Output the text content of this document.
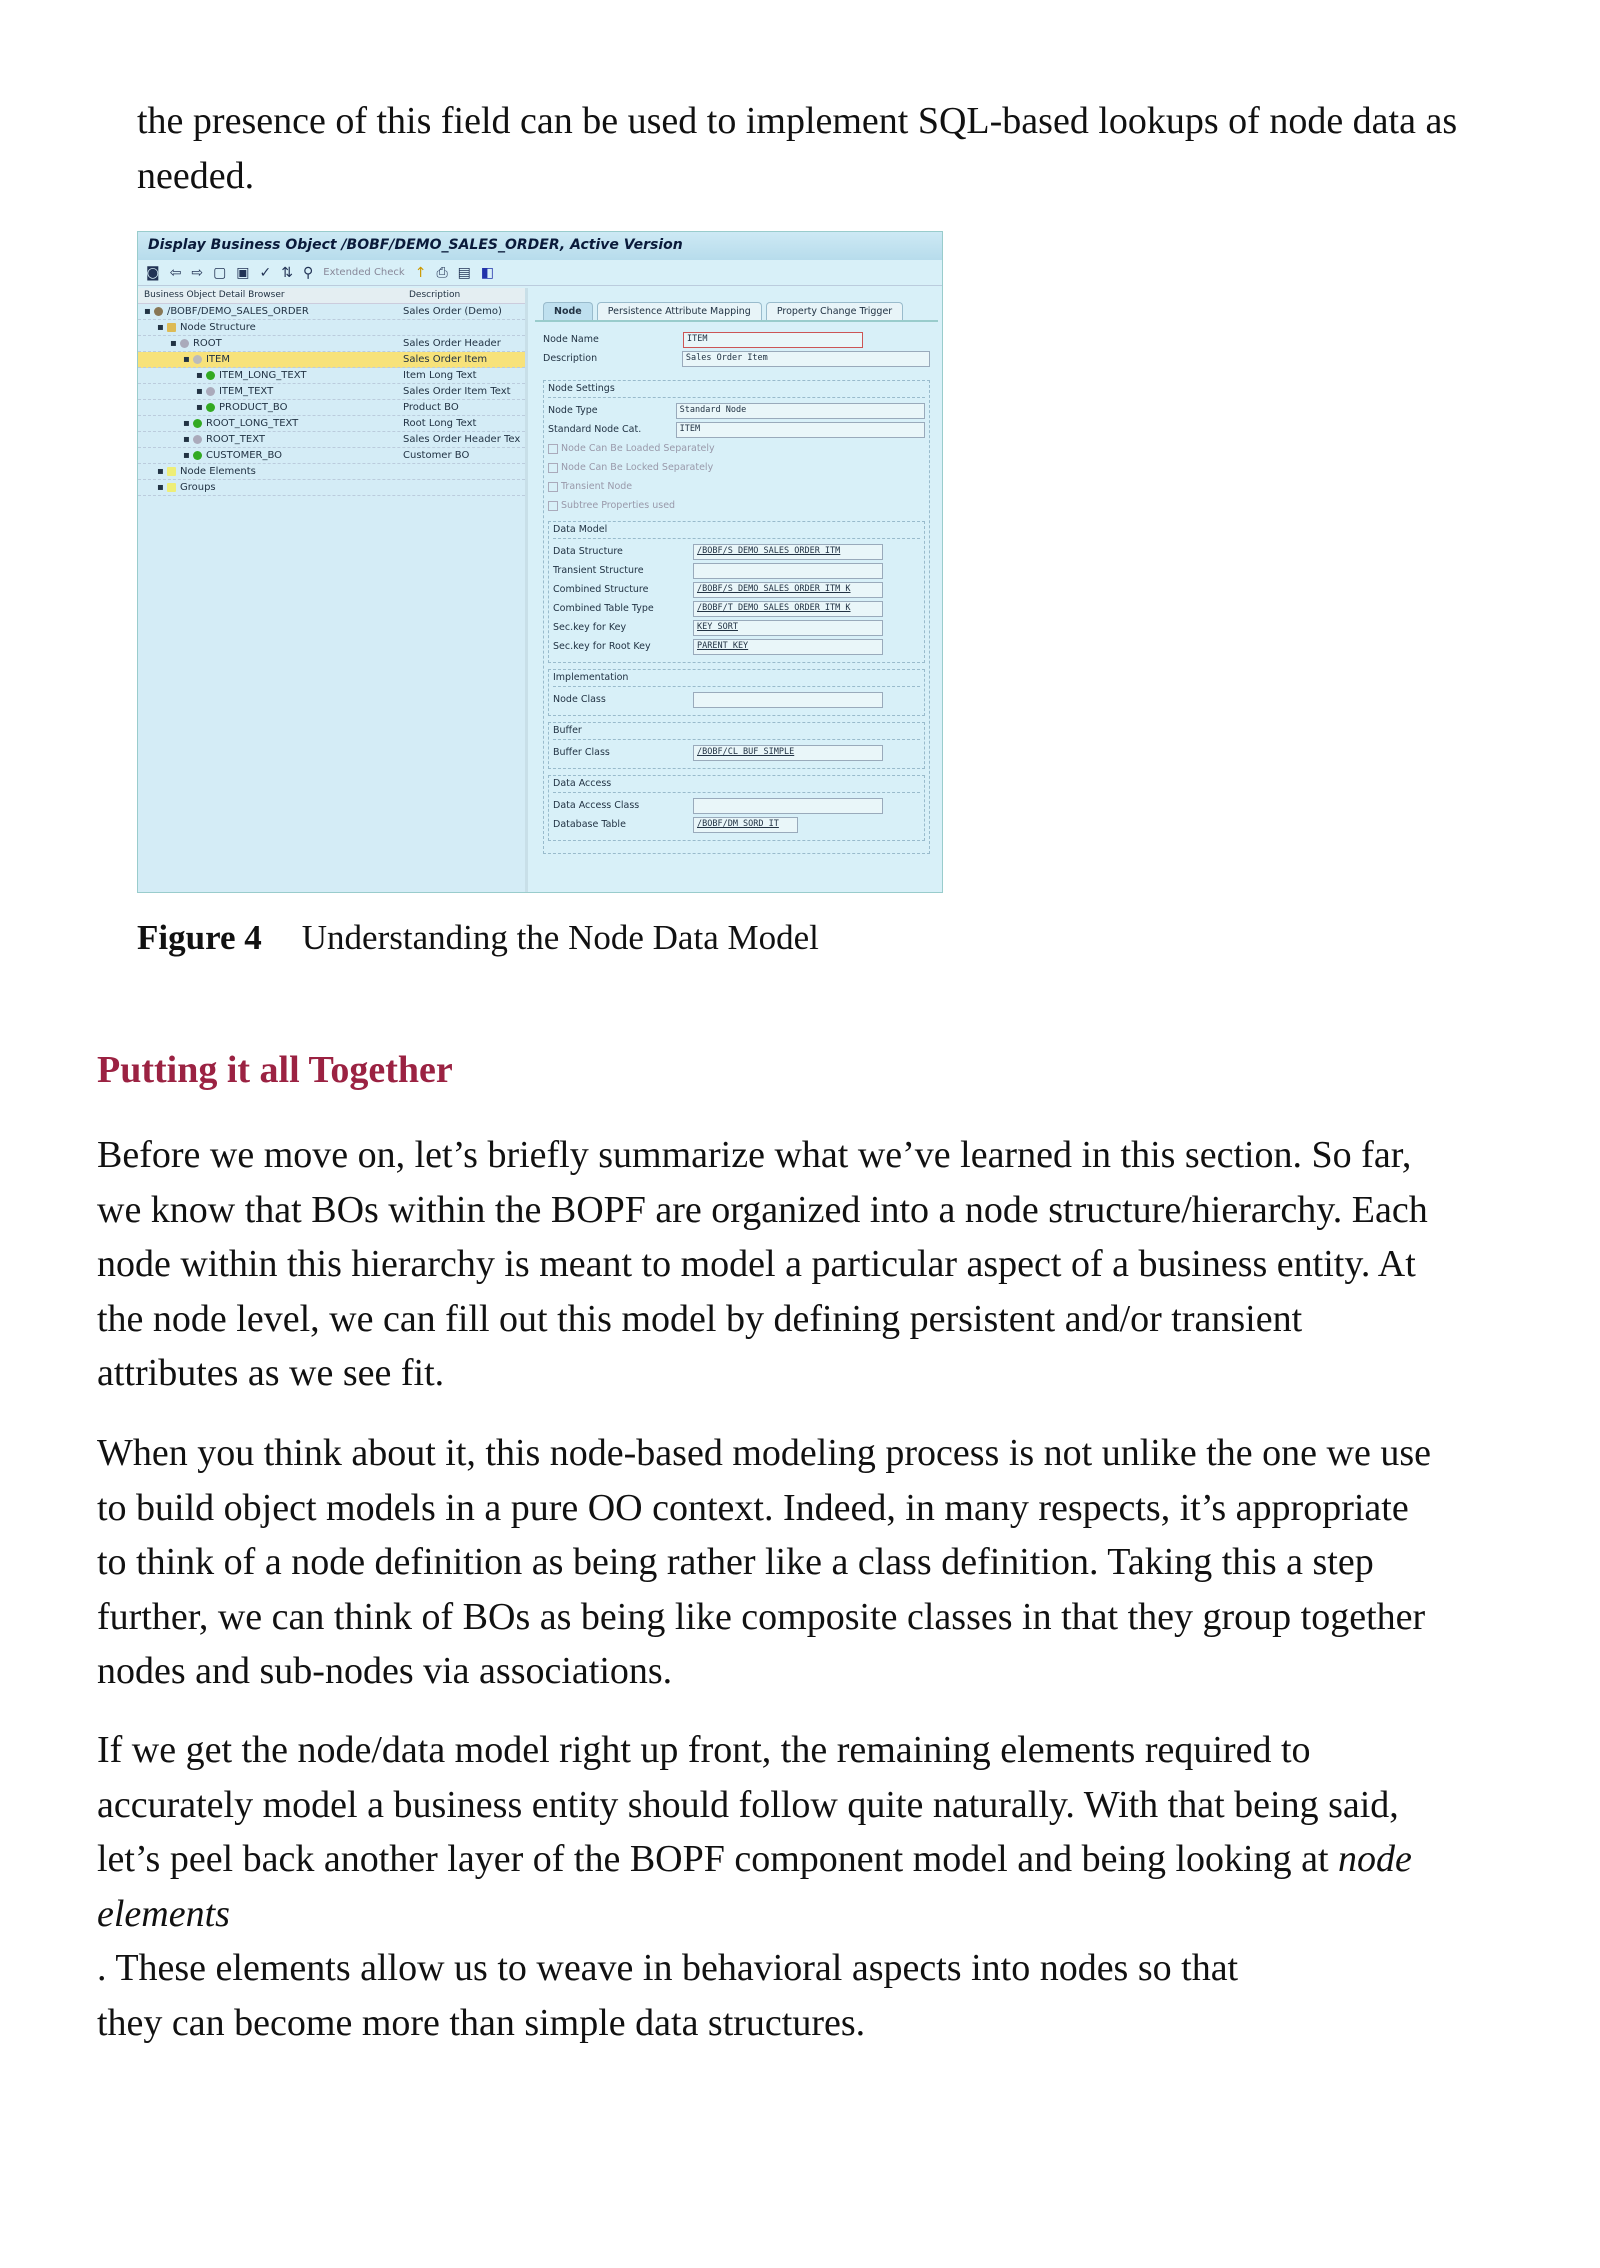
the presence of this field can be used to implement SQL-based lookups of node data as needed.
Display Business Object /BOBF/DEMO_SALES_ORDER, Active Version
◙ ⇦ ⇨ ▢ ▣ ✓ ⇅ ⚲ Extended Check ↑ ⎙ ▤ ◧
Business Object Detail Browser	Description
▪ /BOBF/DEMO_SALES_ORDER	Sales Order (Demo)
▪ Node Structure
▪ ROOT	Sales Order Header
▪ ITEM	Sales Order Item
▪ ITEM_LONG_TEXT	Item Long Text
▪ ITEM_TEXT	Sales Order Item Text
▪ PRODUCT_BO	Product BO
▪ ROOT_LONG_TEXT	Root Long Text
▪ ROOT_TEXT	Sales Order Header Tex
▪ CUSTOMER_BO	Customer BO
▪ Node Elements
▪ Groups
Node	Persistence Attribute Mapping	Property Change Trigger
Node Name	ITEM
Description	Sales Order Item
Node Settings
Node Type	Standard Node
Standard Node Cat.	ITEM
Node Can Be Loaded Separately
Node Can Be Locked Separately
Transient Node
Subtree Properties used
Data Model
Data Structure	/BOBF/S_DEMO_SALES_ORDER_ITM
Transient Structure
Combined Structure	/BOBF/S_DEMO_SALES_ORDER_ITM_K
Combined Table Type	/BOBF/T_DEMO_SALES_ORDER_ITM_K
Sec.key for Key	KEY_SORT
Sec.key for Root Key	PARENT_KEY
Implementation
Node Class
Buffer
Buffer Class	/BOBF/CL_BUF_SIMPLE
Data Access
Data Access Class
Database Table	/BOBF/DM_SORD_IT
Figure 4 Understanding the Node Data Model
Putting it all Together
Before we move on, let’s briefly summarize what we’ve learned in this section. So far,
we know that BOs within the BOPF are organized into a node structure/hierarchy. Each
node within this hierarchy is meant to model a particular aspect of a business entity. At
the node level, we can fill out this model by defining persistent and/or transient
attributes as we see fit.
When you think about it, this node-based modeling process is not unlike the one we use
to build object models in a pure OO context. Indeed, in many respects, it’s appropriate
to think of a node definition as being rather like a class definition. Taking this a step
further, we can think of BOs as being like composite classes in that they group together
nodes and sub-nodes via associations.
If we get the node/data model right up front, the remaining elements required to
accurately model a business entity should follow quite naturally. With that being said,
let’s peel back another layer of the BOPF component model and being looking at node elements
. These elements allow us to weave in behavioral aspects into nodes so that
they can become more than simple data structures.
